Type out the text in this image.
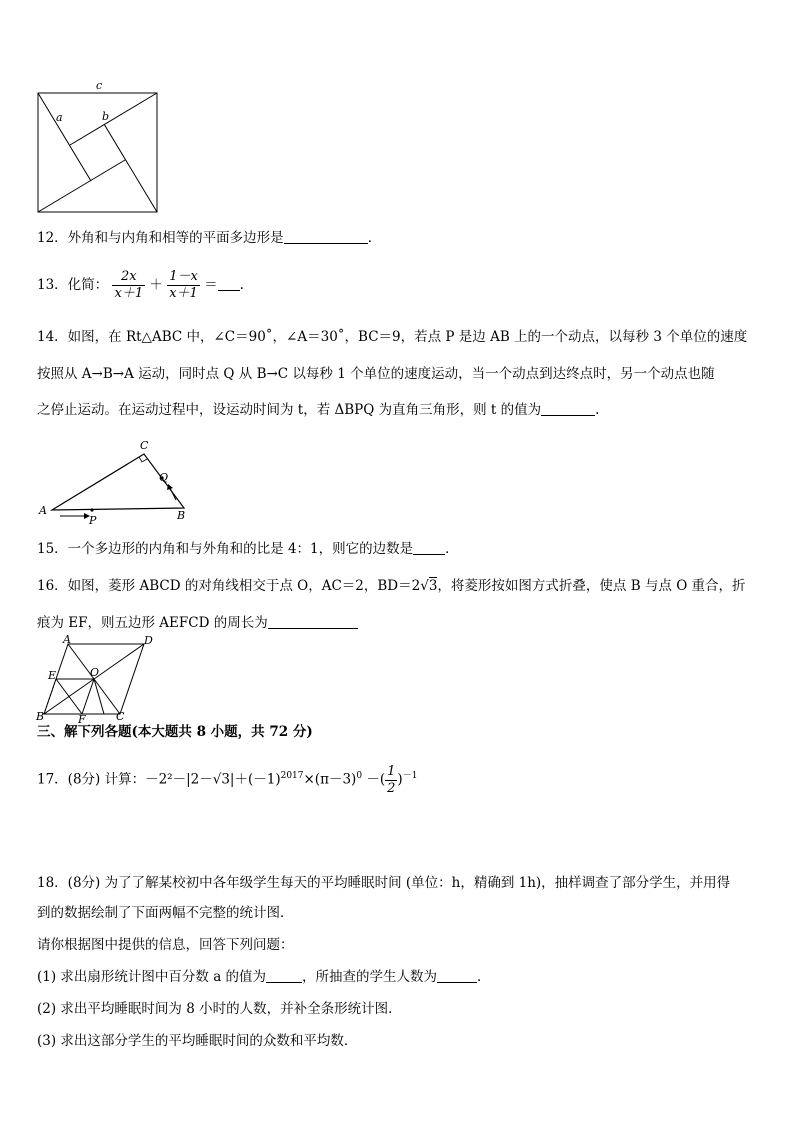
c
a	b
12．外角和与内角和相等的平面多边形是	．
13．化简： $\frac{2x}{x+1} + \frac{1-x}{x+1}$ ＝ .
14．如图，在 Rt△ABC 中，∠C＝90˚，∠A＝30˚，BC＝9，若点 P 是边 AB 上的一个动点，以每秒 3 个单位的速度
按照从 A→B→A 运动，同时点 Q 从 B→C 以每秒 1 个单位的速度运动，当一个动点到达终点时，另一个动点也随
之停止运动。在运动过程中，设运动时间为 t，若 ΔBPQ 为直角三角形，则 t 的值为	.
C
Q
A
P	B
15．一个多边形的内角和与外角和的比是 4：1，则它的边数是 ．
16．如图，菱形 ABCD 的对角线相交于点 O，AC＝2，BD＝2√3，将菱形按如图方式折叠，使点 B 与点 O 重合，折
痕为 EF，则五边形 AEFCD 的周长为
A	D
O
E
B	F	C
三、解下列各题(本大题共 8 小题，共 72 分)
17．(8分) 计算：$-2^2-|2-√3|+(-1)^{2017}\times(\pi-3)^0$ －( $\frac{1}{2} )^{-1}$
18．(8分) 为了了解某校初中各年级学生每天的平均睡眠时间 (单位：h，精确到 1h)，抽样调查了部分学生，并用得
到的数据绘制了下面两幅不完整的统计图．
请你根据图中提供的信息，回答下列问题：
(1) 求出扇形统计图中百分数 a 的值为	，所抽查的学生人数为	．
(2) 求出平均睡眠时间为 8 小时的人数，并补全条形统计图．
(3) 求出这部分学生的平均睡眠时间的众数和平均数．
